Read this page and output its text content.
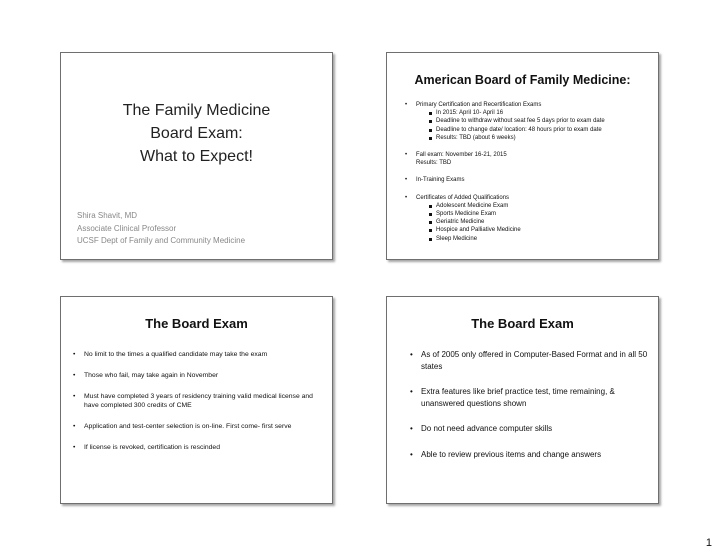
The Family Medicine
Board Exam:
What to Expect!
Shira Shavit, MD
Associate Clinical Professor
UCSF Dept of Family and Community Medicine
American Board of Family Medicine:
• Primary Certification and Recertification Exams
In 2015: April 10- April 16
Deadline to withdraw without seat fee 5 days prior to exam date
Deadline to change date/ location: 48 hours prior to exam date
Results: TBD (about 6 weeks)
• Fall exam: November 16-21, 2015
Results: TBD
• In-Training Exams
• Certificates of Added Qualifications
Adolescent Medicine Exam
Sports Medicine Exam
Geriatric Medicine
Hospice and Palliative Medicine
Sleep Medicine
The Board Exam
• No limit to the times a qualified candidate may take the exam
• Those who fail, may take again in November
• Must have completed 3 years of residency training valid medical license and have completed 300 credits of CME
• Application and test-center selection is on-line. First come- first serve
• If license is revoked, certification is rescinded
The Board Exam
• As of 2005 only offered in Computer-Based Format and in all 50 states
• Extra features like brief practice test, time remaining, & unanswered questions shown
• Do not need advance computer skills
• Able to review previous items and change answers
1
